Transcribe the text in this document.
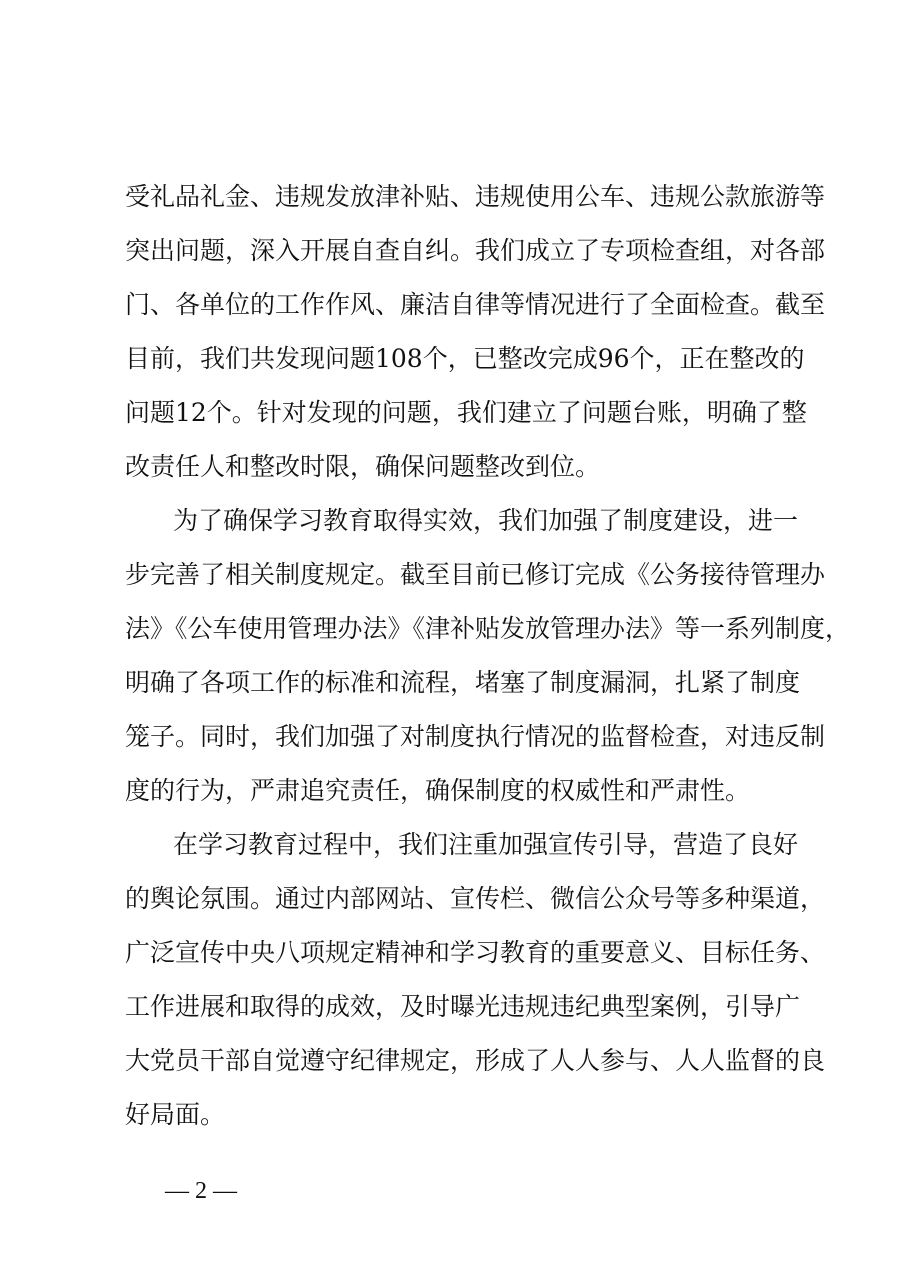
受礼品礼金、违规发放津补贴、违规使用公车、违规公款旅游等
突出问题，深入开展自查自纠。我们成立了专项检查组，对各部
门、各单位的工作作风、廉洁自律等情况进行了全面检查。截至
目前，我们共发现问题108个，已整改完成96个，正在整改的
问题12个。针对发现的问题，我们建立了问题台账，明确了整
改责任人和整改时限，确保问题整改到位。
为了确保学习教育取得实效，我们加强了制度建设，进一
步完善了相关制度规定。截至目前已修订完成《公务接待管理办
法》《公车使用管理办法》《津补贴发放管理办法》等一系列制度，
明确了各项工作的标准和流程，堵塞了制度漏洞，扎紧了制度
笼子。同时，我们加强了对制度执行情况的监督检查，对违反制
度的行为，严肃追究责任，确保制度的权威性和严肃性。
在学习教育过程中，我们注重加强宣传引导，营造了良好
的舆论氛围。通过内部网站、宣传栏、微信公众号等多种渠道，
广泛宣传中央八项规定精神和学习教育的重要意义、目标任务、
工作进展和取得的成效，及时曝光违规违纪典型案例，引导广
大党员干部自觉遵守纪律规定，形成了人人参与、人人监督的良
好局面。
— 2 —
